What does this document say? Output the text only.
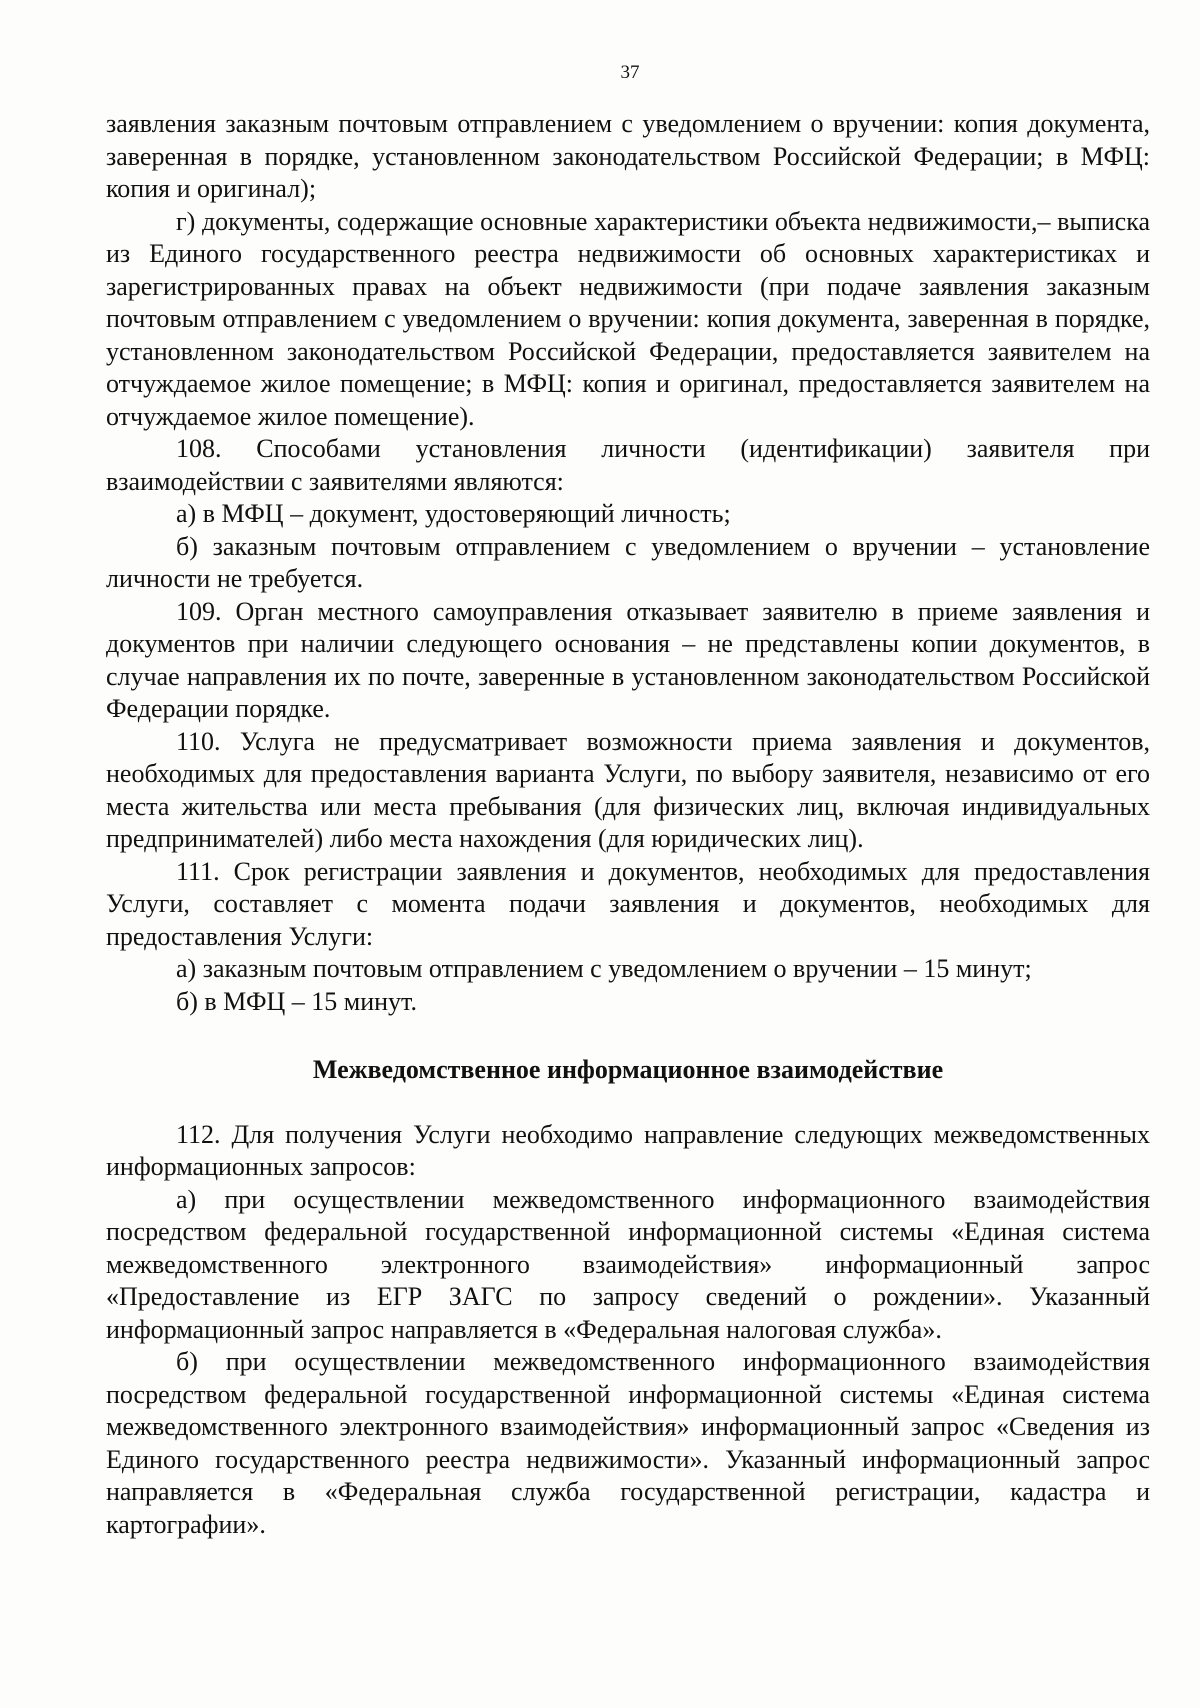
37

заявления заказным почтовым отправлением с уведомлением о вручении: копия документа, заверенная в порядке, установленном законодательством Российской Федерации; в МФЦ: копия и оригинал);

г) документы, содержащие основные характеристики объекта недвижимости,– выписка из Единого государственного реестра недвижимости об основных характеристиках и зарегистрированных правах на объект недвижимости (при подаче заявления заказным почтовым отправлением с уведомлением о вручении: копия документа, заверенная в порядке, установленном законодательством Российской Федерации, предоставляется заявителем на отчуждаемое жилое помещение; в МФЦ: копия и оригинал, предоставляется заявителем на отчуждаемое жилое помещение).

108. Способами установления личности (идентификации) заявителя при взаимодействии с заявителями являются:

а) в МФЦ – документ, удостоверяющий личность;

б) заказным почтовым отправлением с уведомлением о вручении – установление личности не требуется.

109. Орган местного самоуправления отказывает заявителю в приеме заявления и документов при наличии следующего основания – не представлены копии документов, в случае направления их по почте, заверенные в установленном законодательством Российской Федерации порядке.

110. Услуга не предусматривает возможности приема заявления и документов, необходимых для предоставления варианта Услуги, по выбору заявителя, независимо от его места жительства или места пребывания (для физических лиц, включая индивидуальных предпринимателей) либо места нахождения (для юридических лиц).

111. Срок регистрации заявления и документов, необходимых для предоставления Услуги, составляет с момента подачи заявления и документов, необходимых для предоставления Услуги:

а) заказным почтовым отправлением с уведомлением о вручении – 15 минут;

б) в МФЦ – 15 минут.

Межведомственное информационное взаимодействие

112. Для получения Услуги необходимо направление следующих межведомственных информационных запросов:

а) при осуществлении межведомственного информационного взаимодействия посредством федеральной государственной информационной системы «Единая система межведомственного электронного взаимодействия» информационный запрос «Предоставление из ЕГР ЗАГС по запросу сведений о рождении». Указанный информационный запрос направляется в «Федеральная налоговая служба».

б) при осуществлении межведомственного информационного взаимодействия посредством федеральной государственной информационной системы «Единая система межведомственного электронного взаимодействия» информационный запрос «Сведения из Единого государственного реестра недвижимости». Указанный информационный запрос направляется в «Федеральная служба государственной регистрации, кадастра и картографии».
